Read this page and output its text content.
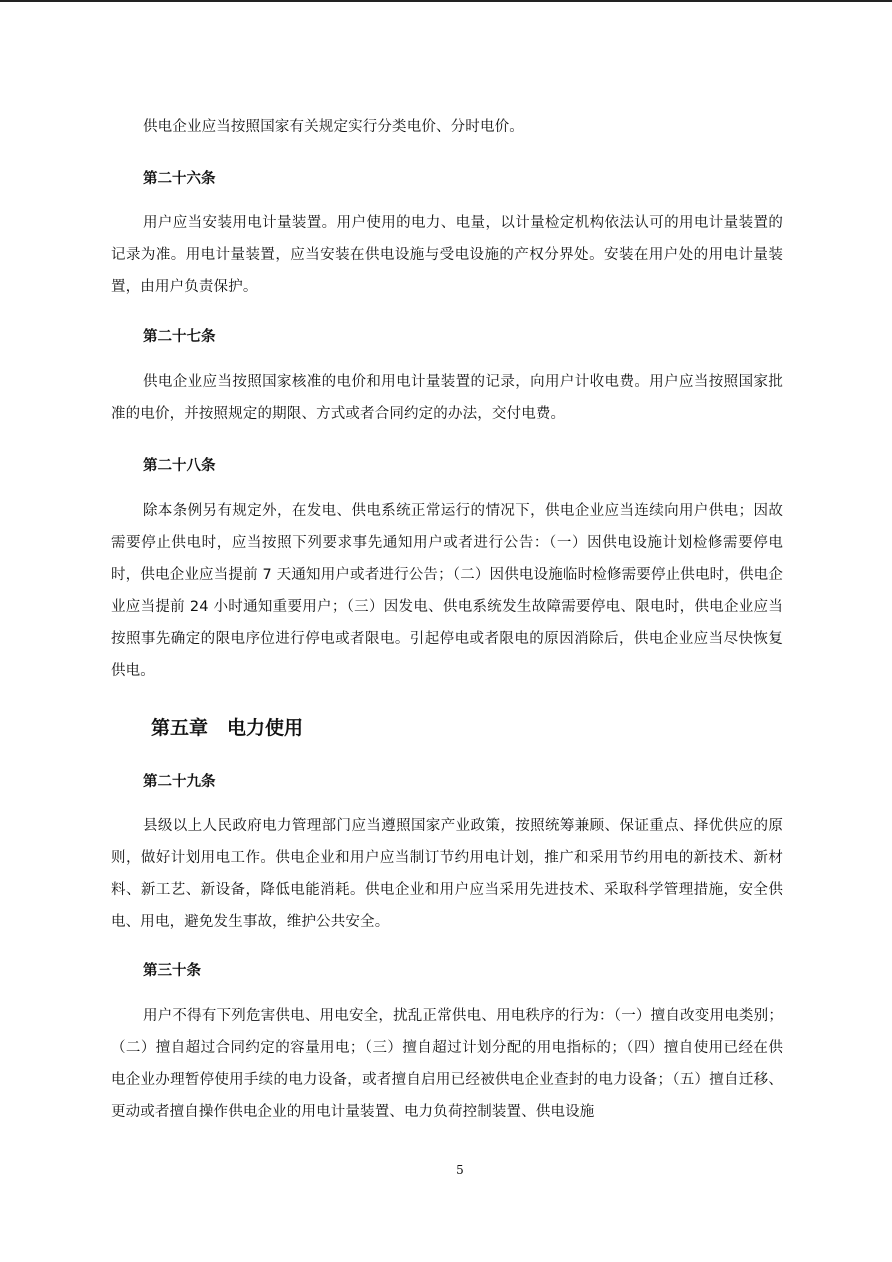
供电企业应当按照国家有关规定实行分类电价、分时电价。

第二十六条

用户应当安装用电计量装置。用户使用的电力、电量，以计量检定机构依法认可的用电计量装置的记录为准。用电计量装置，应当安装在供电设施与受电设施的产权分界处。安装在用户处的用电计量装置，由用户负责保护。

第二十七条

供电企业应当按照国家核准的电价和用电计量装置的记录，向用户计收电费。用户应当按照国家批准的电价，并按照规定的期限、方式或者合同约定的办法，交付电费。

第二十八条

除本条例另有规定外，在发电、供电系统正常运行的情况下，供电企业应当连续向用户供电；因故需要停止供电时，应当按照下列要求事先通知用户或者进行公告：（一）因供电设施计划检修需要停电时，供电企业应当提前 7 天通知用户或者进行公告；（二）因供电设施临时检修需要停止供电时，供电企业应当提前 24 小时通知重要用户；（三）因发电、供电系统发生故障需要停电、限电时，供电企业应当按照事先确定的限电序位进行停电或者限电。引起停电或者限电的原因消除后，供电企业应当尽快恢复供电。

第五章　电力使用
第二十九条

县级以上人民政府电力管理部门应当遵照国家产业政策，按照统筹兼顾、保证重点、择优供应的原则，做好计划用电工作。供电企业和用户应当制订节约用电计划，推广和采用节约用电的新技术、新材料、新工艺、新设备，降低电能消耗。供电企业和用户应当采用先进技术、采取科学管理措施，安全供电、用电，避免发生事故，维护公共安全。

第三十条

用户不得有下列危害供电、用电安全，扰乱正常供电、用电秩序的行为：（一）擅自改变用电类别；（二）擅自超过合同约定的容量用电；（三）擅自超过计划分配的用电指标的；（四）擅自使用已经在供电企业办理暂停使用手续的电力设备，或者擅自启用已经被供电企业查封的电力设备；（五）擅自迁移、更动或者擅自操作供电企业的用电计量装置、电力负荷控制装置、供电设施

5
